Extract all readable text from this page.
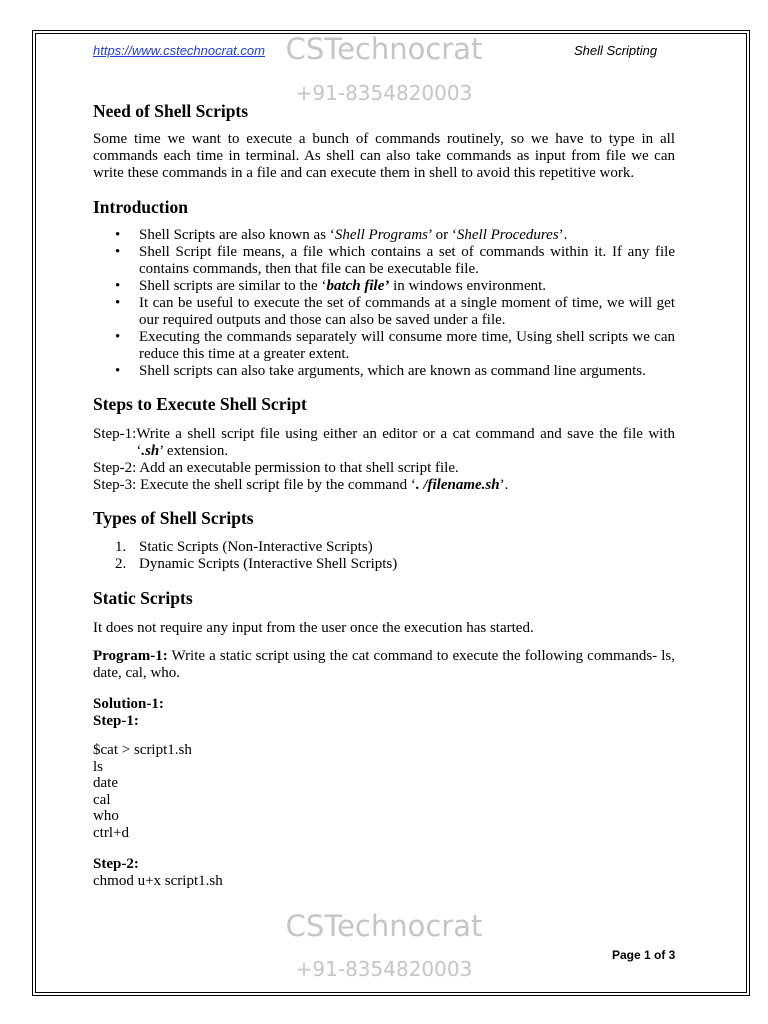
https://www.cstechnocrat.com CSTechnocrat
+91-8354820003
Shell Scripting
Need of Shell Scripts

Some time we want to execute a bunch of commands routinely, so we have to type in all commands each time in terminal. As shell can also take commands as input from file we can write these commands in a file and can execute them in shell to avoid this repetitive work.

Introduction
• Shell Scripts are also known as ‘Shell Programs’ or ‘Shell Procedures’.
• Shell Script file means, a file which contains a set of commands within it. If any file contains commands, then that file can be executable file.
• Shell scripts are similar to the ‘batch file’ in windows environment.
• It can be useful to execute the set of commands at a single moment of time, we will get our required outputs and those can also be saved under a file.
• Executing the commands separately will consume more time, Using shell scripts we can reduce this time at a greater extent.
• Shell scripts can also take arguments, which are known as command line arguments.
Steps to Execute Shell Script
Step-1: Write a shell script file using either an editor or a cat command and save the file with ‘.sh’ extension.
Step-2: Add an executable permission to that shell script file.
Step-3: Execute the shell script file by the command ‘. /filename.sh’.
Types of Shell Scripts
1. Static Scripts (Non-Interactive Scripts)
2. Dynamic Scripts (Interactive Shell Scripts)
Static Scripts

It does not require any input from the user once the execution has started.

Program-1: Write a static script using the cat command to execute the following commands- ls, date, cal, who.

Solution-1:
Step-1:
$cat > script1.sh
ls
date
cal
who
ctrl+d
Step-2:
chmod u+x script1.sh
CSTechnocrat
+91-8354820003
Page 1 of 3
